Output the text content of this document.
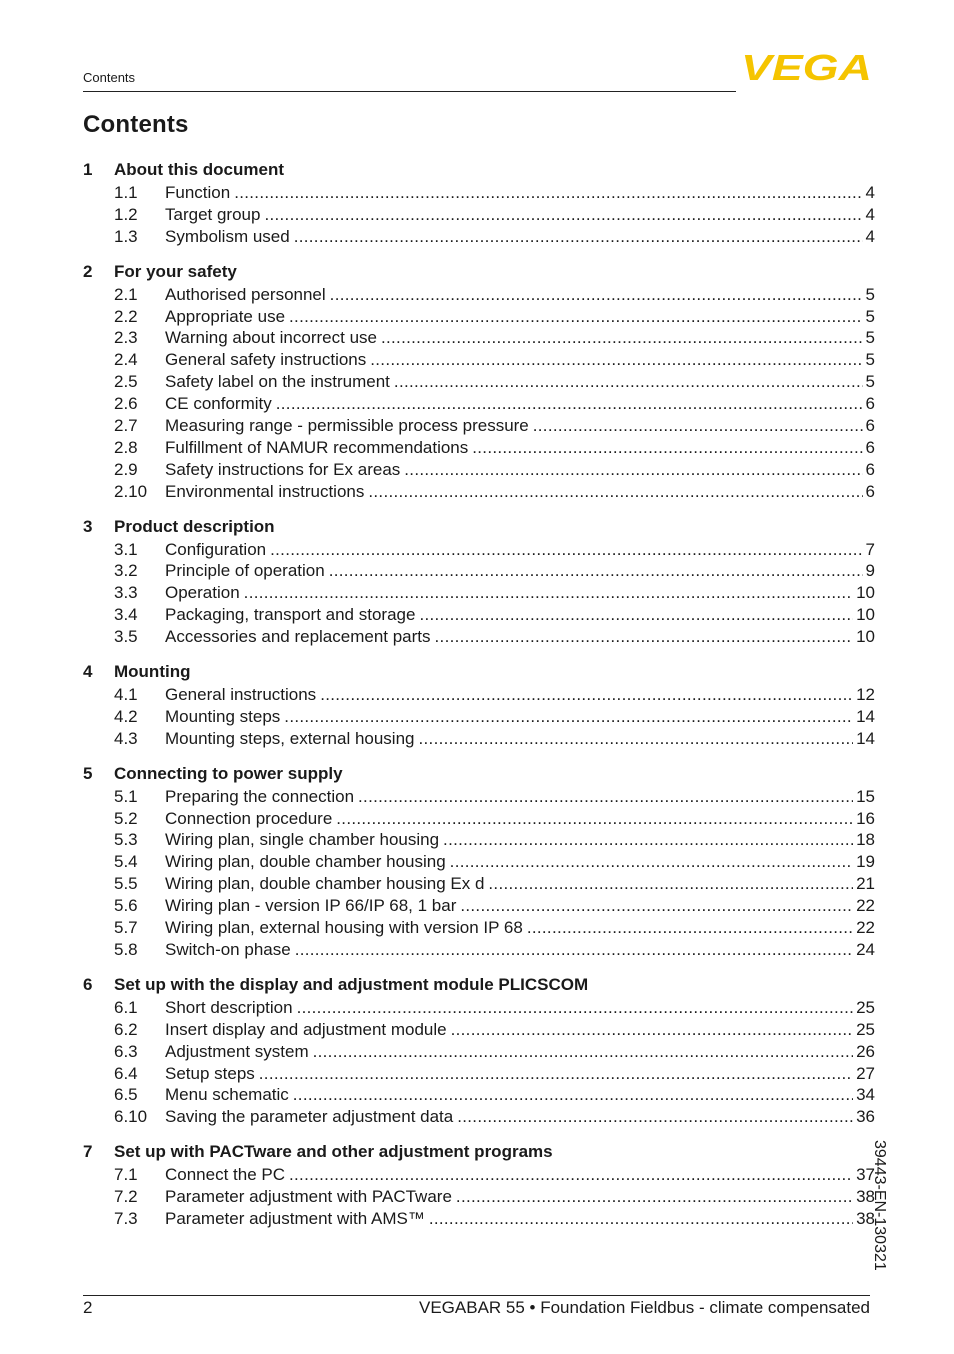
Contents	VEGA
Contents
1	About this document
1.1	Function .....	4
1.2	Target group .....	4
1.3	Symbolism used .....	4
2	For your safety
2.1	Authorised personnel .....	5
2.2	Appropriate use .....	5
2.3	Warning about incorrect use .....	5
2.4	General safety instructions .....	5
2.5	Safety label on the instrument .....	5
2.6	CE conformity .....	6
2.7	Measuring range - permissible process pressure .....	6
2.8	Fulfillment of NAMUR recommendations .....	6
2.9	Safety instructions for Ex areas .....	6
2.10	Environmental instructions .....	6
3	Product description
3.1	Configuration .....	7
3.2	Principle of operation .....	9
3.3	Operation .....	10
3.4	Packaging, transport and storage .....	10
3.5	Accessories and replacement parts .....	10
4	Mounting
4.1	General instructions .....	12
4.2	Mounting steps .....	14
4.3	Mounting steps, external housing .....	14
5	Connecting to power supply
5.1	Preparing the connection .....	15
5.2	Connection procedure .....	16
5.3	Wiring plan, single chamber housing .....	18
5.4	Wiring plan, double chamber housing .....	19
5.5	Wiring plan, double chamber housing Ex d .....	21
5.6	Wiring plan - version IP 66/IP 68, 1 bar .....	22
5.7	Wiring plan, external housing with version IP 68 .....	22
5.8	Switch-on phase .....	24
6	Set up with the display and adjustment module PLICSCOM
6.1	Short description .....	25
6.2	Insert display and adjustment module .....	25
6.3	Adjustment system .....	26
6.4	Setup steps .....	27
6.5	Menu schematic .....	34
6.10	Saving the parameter adjustment data .....	36
7	Set up with PACTware and other adjustment programs
7.1	Connect the PC .....	37
7.2	Parameter adjustment with PACTware .....	38
7.3	Parameter adjustment with AMS™ .....	38
39443-EN-130321
2	VEGABAR 55 • Foundation Fieldbus - climate compensated
